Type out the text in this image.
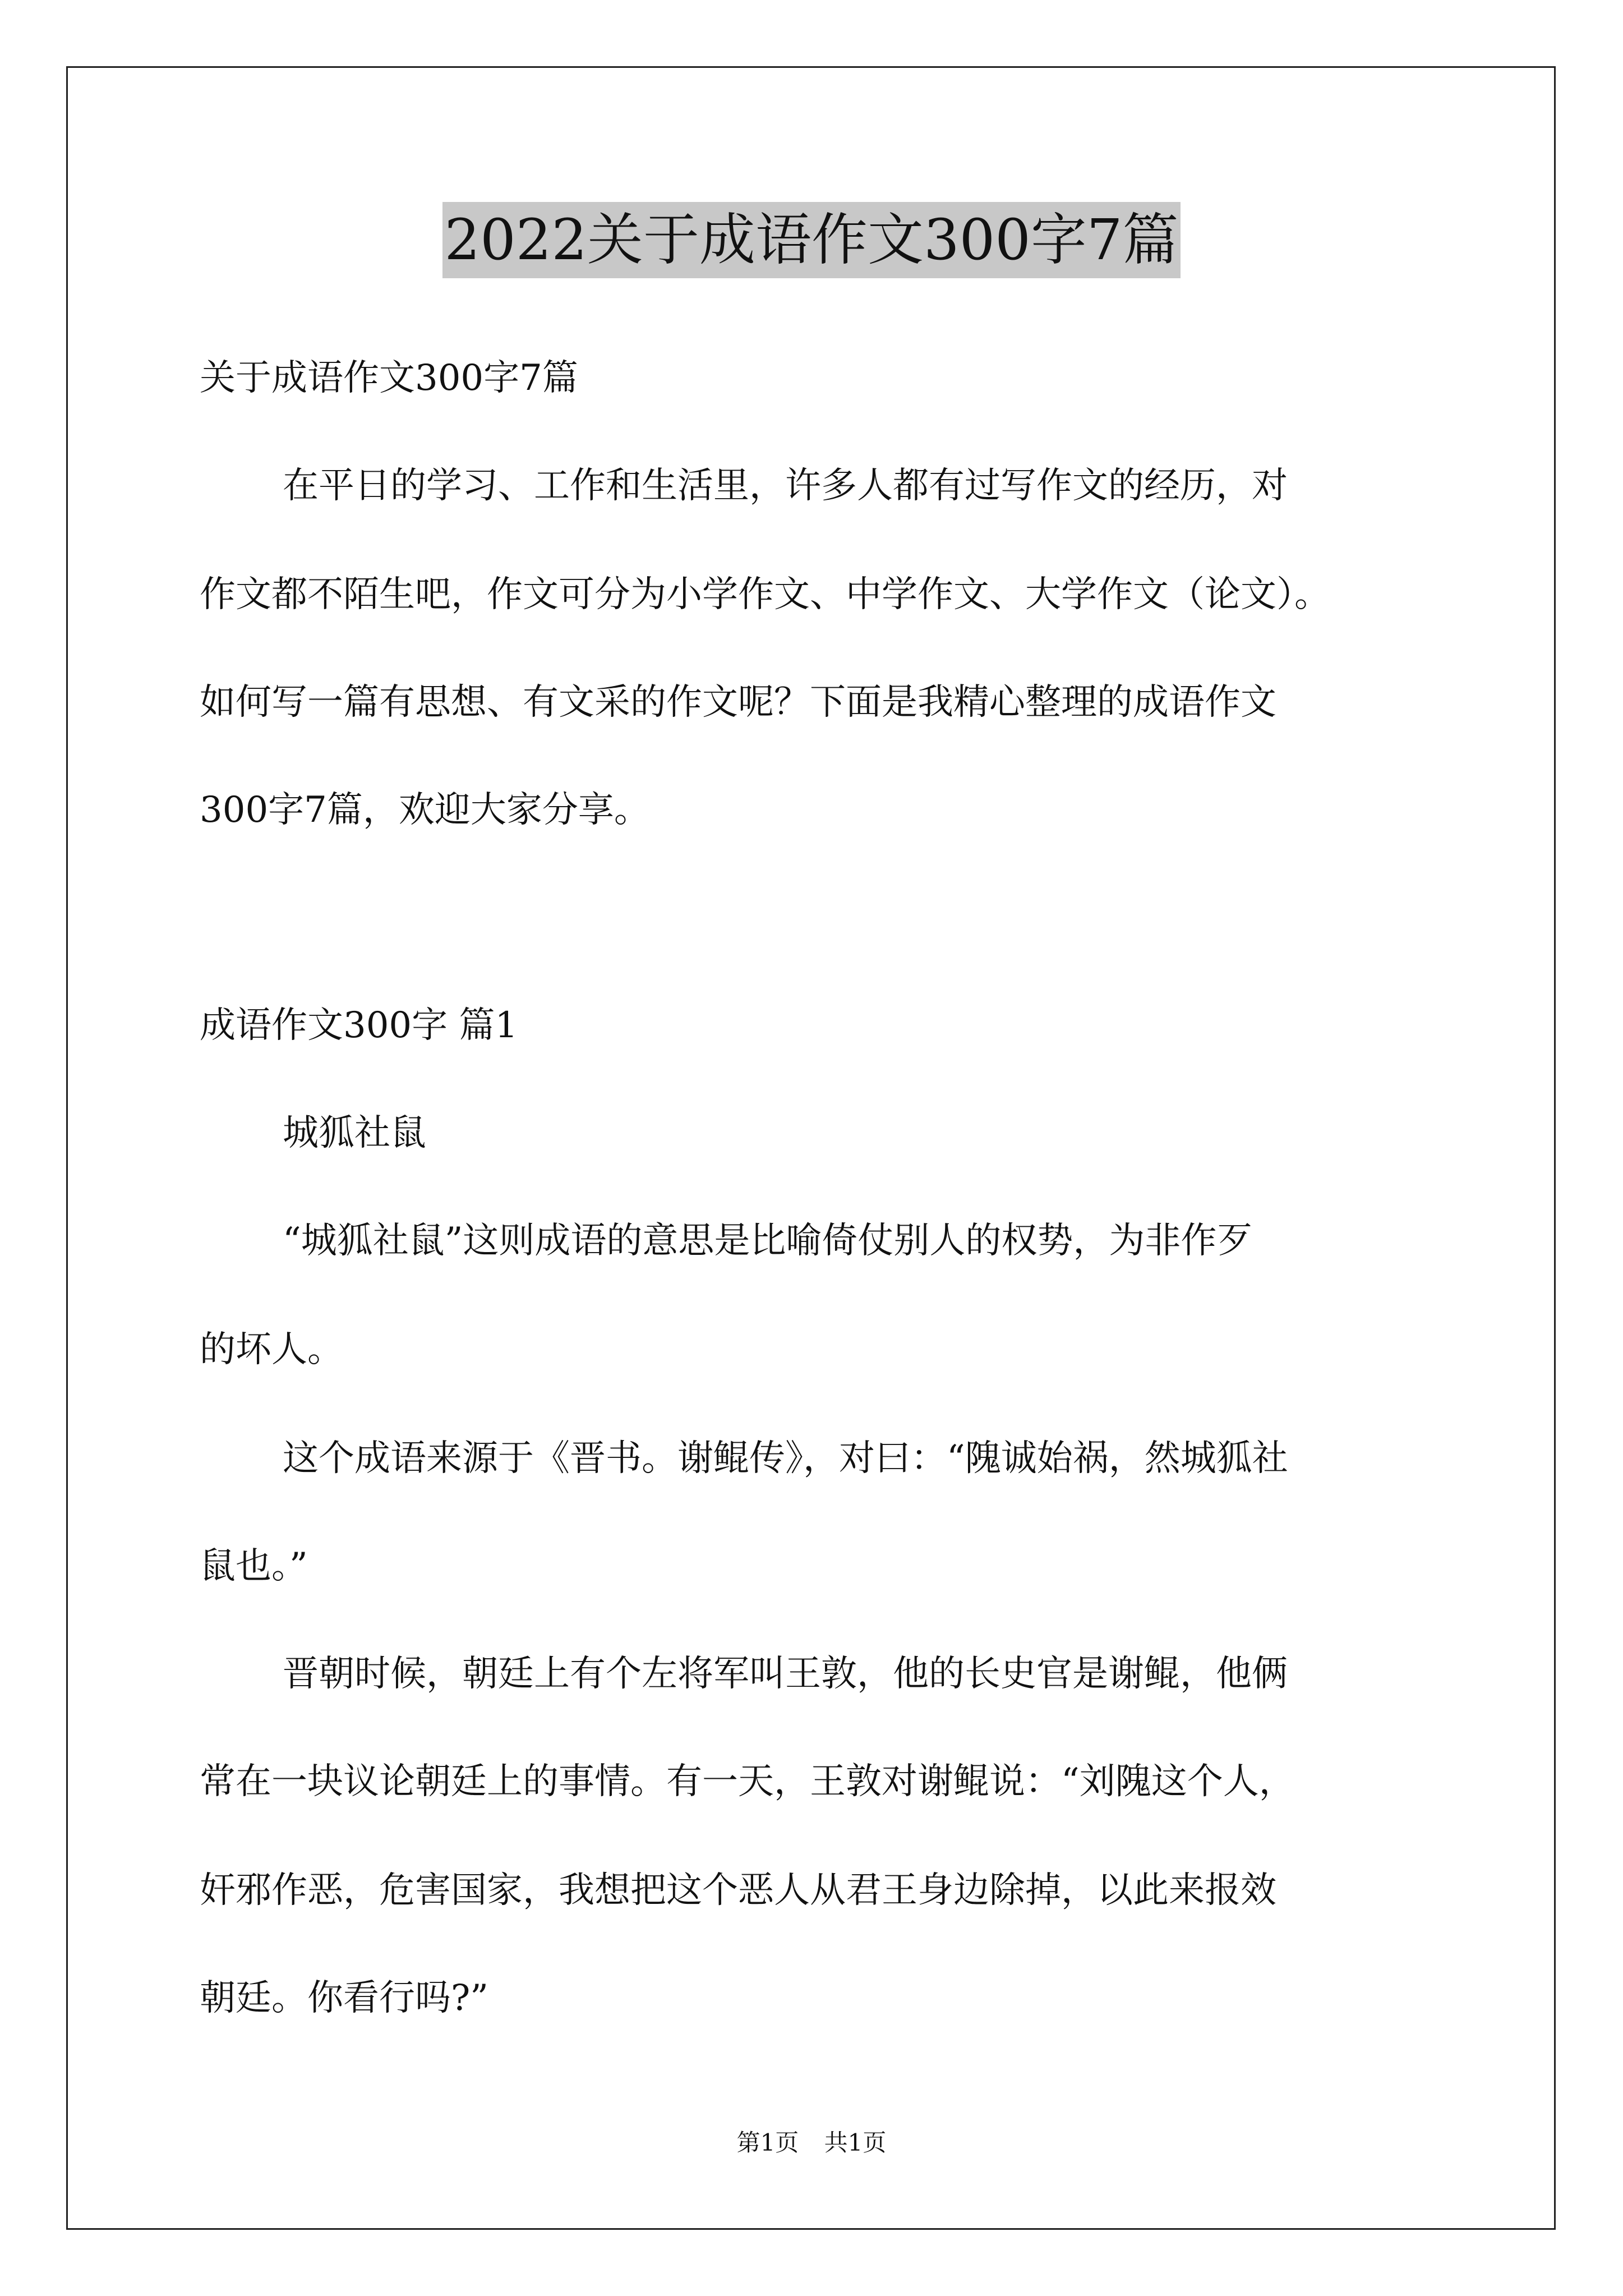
2022关于成语作文300字7篇
关于成语作文300字7篇
在平日的学习、工作和生活里，许多人都有过写作文的经历，对
作文都不陌生吧，作文可分为小学作文、中学作文、大学作文（论文）。
如何写一篇有思想、有文采的作文呢？下面是我精心整理的成语作文
300字7篇，欢迎大家分享。
成语作文300字 篇1
城狐社鼠
“城狐社鼠”这则成语的意思是比喻倚仗别人的权势，为非作歹
的坏人。
这个成语来源于《晋书。谢鲲传》，对曰：“隗诚始祸，然城狐社
鼠也。”
晋朝时候，朝廷上有个左将军叫王敦，他的长史官是谢鲲，他俩
常在一块议论朝廷上的事情。有一天，王敦对谢鲲说：“刘隗这个人，
奸邪作恶，危害国家，我想把这个恶人从君王身边除掉，以此来报效
朝廷。你看行吗?”
第1页 共1页
